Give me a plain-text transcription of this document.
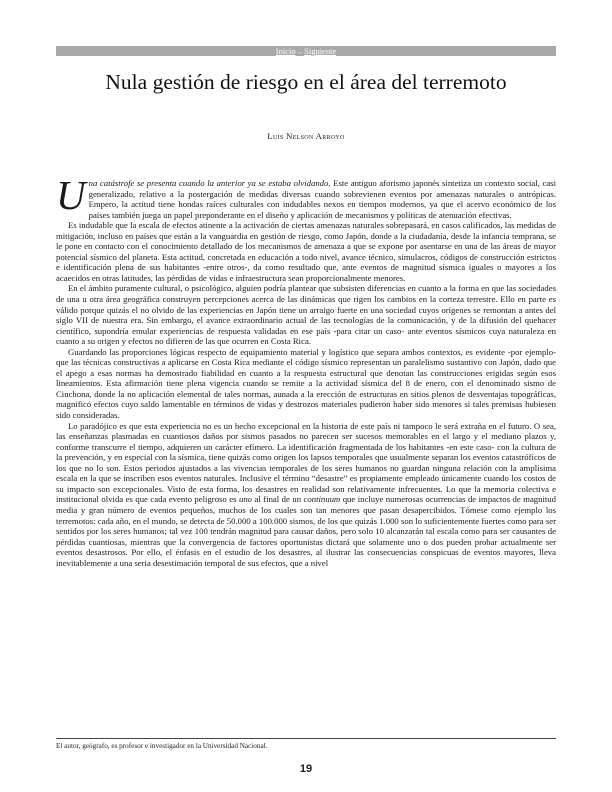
Inicio – Siguiente
Nula gestión de riesgo en el área del terremoto
Luis Nelson Arroyo

Una catástrofe se presenta cuando la anterior ya se estaba olvidando. Este antiguo aforismo japonés sintetiza un contexto social, casi generalizado, relativo a la postergación de medidas diversas cuando sobrevienen eventos por amenazas naturales o antrópicas. Empero, la actitud tiene hondas raíces culturales con indudables nexos en tiempos modernos, ya que el acervo económico de los países también juega un papel preponderante en el diseño y aplicación de mecanismos y políticas de atenuación efectivas.

Es indudable que la escala de efectos atinente a la activación de ciertas amenazas naturales sobrepasará, en casos calificados, las medidas de mitigación, incluso en países que están a la vanguardia en gestión de riesgo, como Japón, donde a la ciudadanía, desde la infancia temprana, se le pone en contacto con el conocimiento detallado de los mecanismos de amenaza a que se expone por asentarse en una de las áreas de mayor potencial sísmico del planeta. Esta actitud, concretada en educación a todo nivel, avance técnico, simulacros, códigos de construcción estrictos e identificación plena de sus habitantes -entre otros-, da como resultado que, ante eventos de magnitud sísmica iguales o mayores a los acaecidos en otras latitudes, las pérdidas de vidas e infraestructura sean proporcionalmente menores.

En el ámbito puramente cultural, o psicológico, alguien podría plantear que subsisten diferencias en cuanto a la forma en que las sociedades de una u otra área geográfica construyen percepciones acerca de las dinámicas que rigen los cambios en la corteza terrestre. Ello en parte es válido porque quizás el no olvido de las experiencias en Japón tiene un arraigo fuerte en una sociedad cuyos orígenes se remontan a antes del siglo VII de nuestra era. Sin embargo, el avance extraordinario actual de las tecnologías de la comunicación, y de la difusión del quehacer científico, supondría emular experiencias de respuesta validadas en ese país -para citar un caso- ante eventos sísmicos cuya naturaleza en cuanto a su origen y efectos no difieren de las que ocurren en Costa Rica.

Guardando las proporciones lógicas respecto de equipamiento material y logístico que separa ambos contextos, es evidente -por ejemplo- que las técnicas constructivas a aplicarse en Costa Rica mediante el código sísmico representan un paralelismo sustantivo con Japón, dado que el apego a esas normas ha demostrado fiabilidad en cuanto a la respuesta estructural que denotan las construcciones erigidas según esos lineamientos. Esta afirmación tiene plena vigencia cuando se remite a la actividad sísmica del 8 de enero, con el denominado sismo de Cinchona, donde la no aplicación elemental de tales normas, aunada a la erección de estructuras en sitios plenos de desventajas topográficas, magnificó efectos cuyo saldo lamentable en términos de vidas y destrozos materiales pudieron haber sido menores si tales premisas hubiesen sido consideradas.

Lo paradójico es que esta experiencia no es un hecho excepcional en la historia de este país ni tampoco le será extraña en el futuro. O sea, las enseñanzas plasmadas en cuantiosos daños por sismos pasados no parecen ser sucesos memorables en el largo y el mediano plazos y, conforme transcurre el tiempo, adquieren un carácter efímero. La identificación fragmentada de los habitantes -en este caso- con la cultura de la prevención, y en especial con la sísmica, tiene quizás como origen los lapsos temporales que usualmente separan los eventos catastróficos de los que no lo son. Estos periodos ajustados a las vivencias temporales de los seres humanos no guardan ninguna relación con la amplísima escala en la que se inscriben esos eventos naturales. Inclusive el término “desastre” es propiamente empleado únicamente cuando los costos de su impacto son excepcionales. Visto de esta forma, los desastres en realidad son relativamente infrecuentes. Lo que la memoria colectiva e institucional olvida es que cada evento peligroso es uno al final de un continuum que incluye numerosas ocurrencias de impactos de magnitud media y gran número de eventos pequeños, muchos de los cuales son tan menores que pasan desapercibidos. Tómese como ejemplo los terremotos: cada año, en el mundo, se detecta de 50.000 a 100.000 sismos, de los que quizás 1.000 son lo suficientemente fuertes como para ser sentidos por los seres humanos; tal vez 100 tendrán magnitud para causar daños, pero solo 10 alcanzarán tal escala como para ser causantes de pérdidas cuantiosas, mientras que la convergencia de factores oportunistas dictará que solamente uno o dos pueden probar actualmente ser eventos desastrosos. Por ello, el énfasis en el estudio de los desastres, al ilustrar las consecuencias conspicuas de eventos mayores, lleva inevitablemente a una seria desestimación temporal de sus efectos, que a nivel

El autor, geógrafo, es profesor e investigador en la Universidad Nacional.
19
